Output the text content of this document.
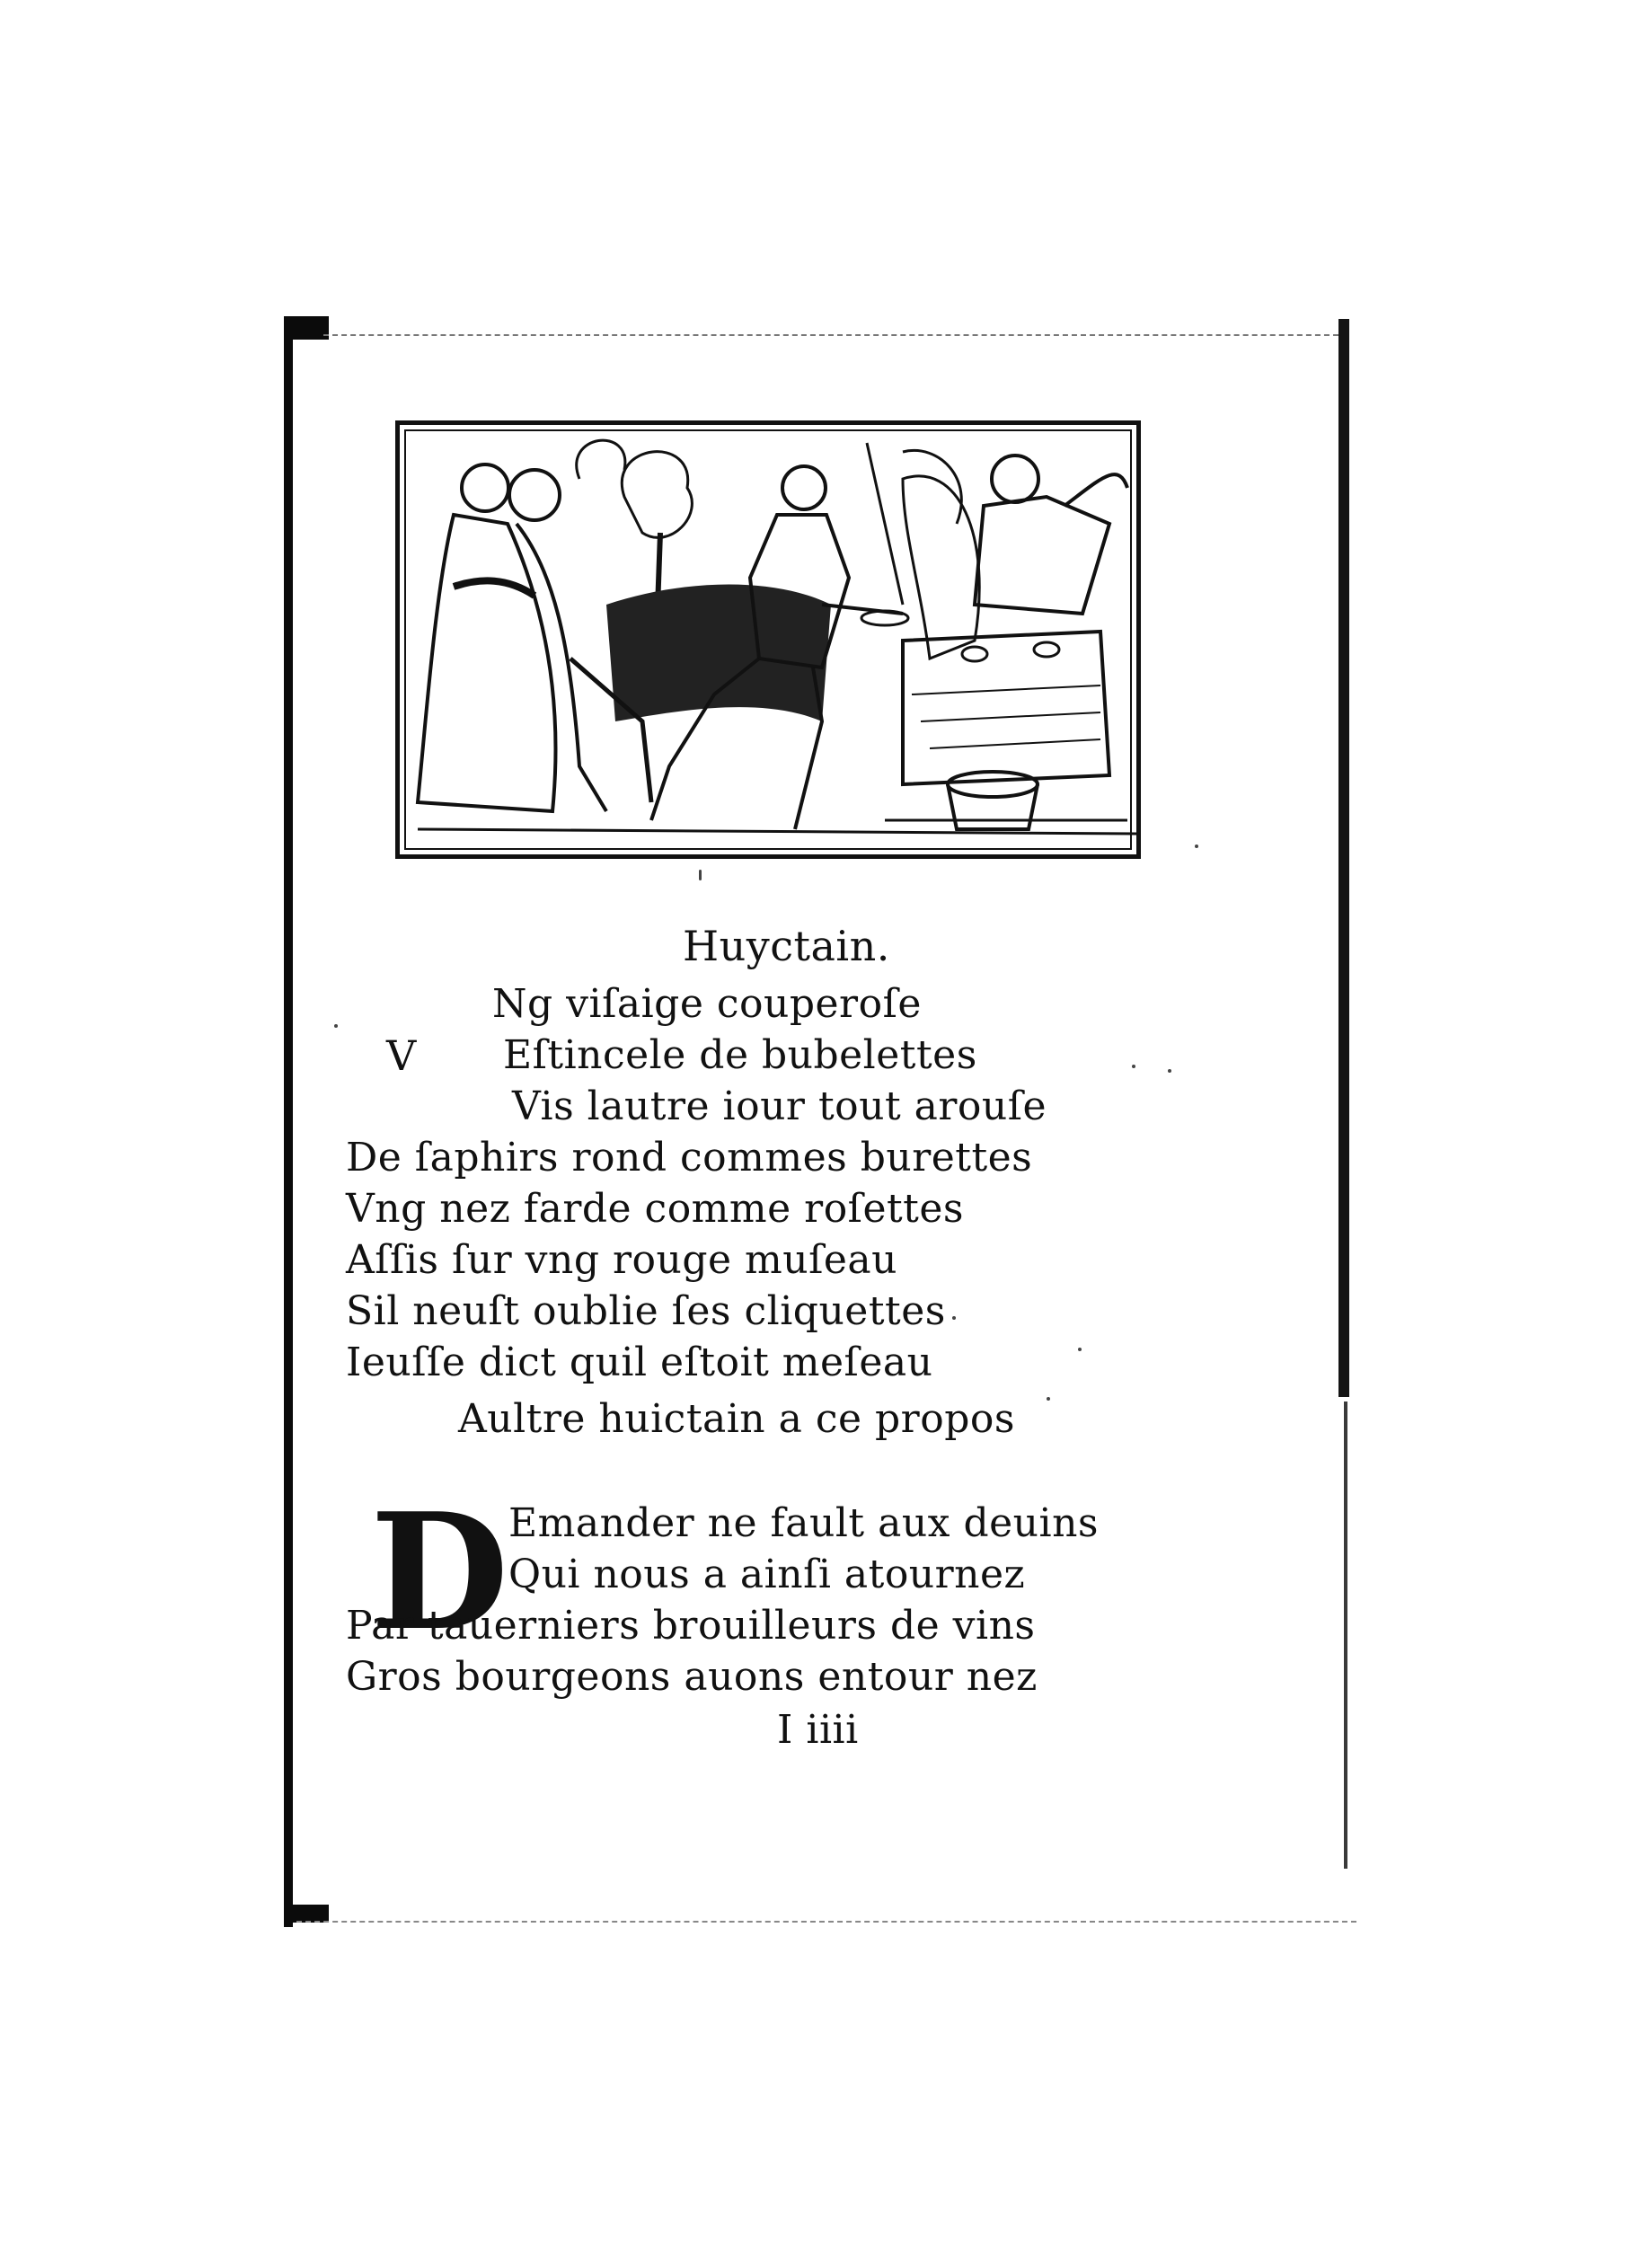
Huyctain.

V

Ng viſaige couperoſe

Eſtincele de bubelettes

Vis lautre iour tout arouſe

De ſaphirs rond commes burettes

Vng nez farde comme roſettes

Aſſis ſur vng rouge muſeau

Sil neuſt oublie ſes cliquettes

Ieuſſe dict quil eſtoit meſeau

Aultre huictain a ce propos

D Emander ne fault aux deuins

Qui nous a ainſi atournez

Par tauerniers brouilleurs de vins

Gros bourgeons auons entour nez

I iiii
